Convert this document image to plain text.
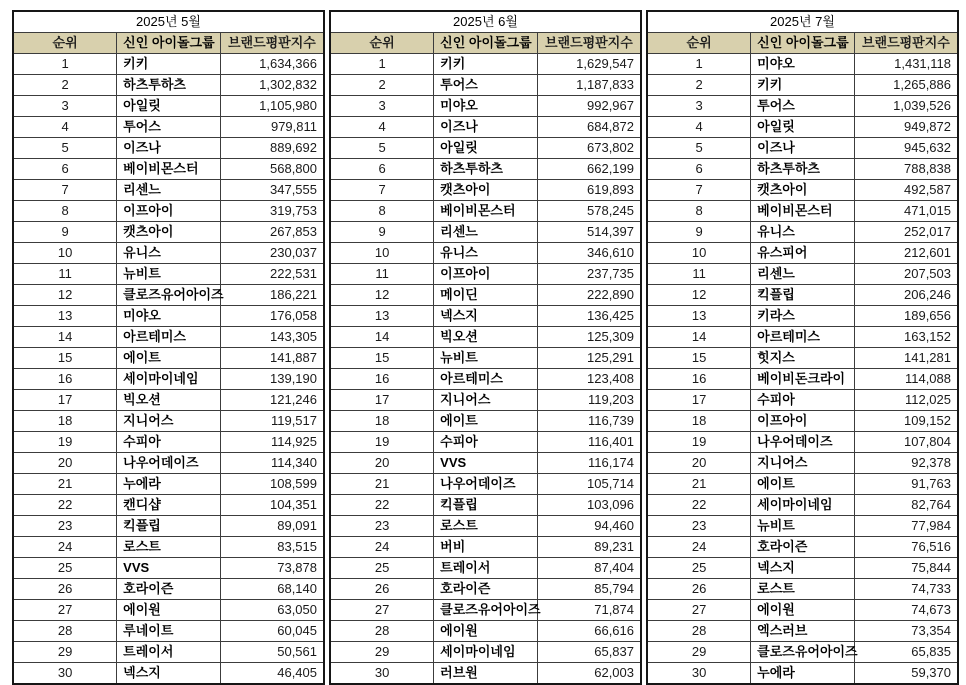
2025년 5월		
순위	신인 아이돌그룹	브랜드평판지수
1	키키	1,634,366
2	하츠투하츠	1,302,832
3	아일릿	1,105,980
4	투어스	979,811
5	이즈나	889,692
6	베이비몬스터	568,800
7	리센느	347,555
8	이프아이	319,753
9	캣츠아이	267,853
10	유니스	230,037
11	뉴비트	222,531
12	클로즈유어아이즈	186,221
13	미야오	176,058
14	아르테미스	143,305
15	에이트	141,887
16	세이마이네임	139,190
17	빅오션	121,246
18	지니어스	119,517
19	수피아	114,925
20	나우어데이즈	114,340
21	누에라	108,599
22	캔디샵	104,351
23	킥플립	89,091
24	로스트	83,515
25	VVS	73,878
26	호라이즌	68,140
27	에이원	63,050
28	루네이트	60,045
29	트레이서	50,561
30	넥스지	46,405
2025년 6월		
순위	신인 아이돌그룹	브랜드평판지수
1	키키	1,629,547
2	투어스	1,187,833
3	미야오	992,967
4	이즈나	684,872
5	아일릿	673,802
6	하츠투하츠	662,199
7	캣츠아이	619,893
8	베이비몬스터	578,245
9	리센느	514,397
10	유니스	346,610
11	이프아이	237,735
12	메이딘	222,890
13	넥스지	136,425
14	빅오션	125,309
15	뉴비트	125,291
16	아르테미스	123,408
17	지니어스	119,203
18	에이트	116,739
19	수피아	116,401
20	VVS	116,174
21	나우어데이즈	105,714
22	킥플립	103,096
23	로스트	94,460
24	버비	89,231
25	트레이서	87,404
26	호라이즌	85,794
27	클로즈유어아이즈	71,874
28	에이원	66,616
29	세이마이네임	65,837
30	러브원	62,003
2025년 7월		
순위	신인 아이돌그룹	브랜드평판지수
1	미야오	1,431,118
2	키키	1,265,886
3	투어스	1,039,526
4	아일릿	949,872
5	이즈나	945,632
6	하츠투하츠	788,838
7	캣츠아이	492,587
8	베이비몬스터	471,015
9	유니스	252,017
10	유스피어	212,601
11	리센느	207,503
12	킥플립	206,246
13	키라스	189,656
14	아르테미스	163,152
15	힛지스	141,281
16	베이비돈크라이	114,088
17	수피아	112,025
18	이프아이	109,152
19	나우어데이즈	107,804
20	지니어스	92,378
21	에이트	91,763
22	세이마이네임	82,764
23	뉴비트	77,984
24	호라이즌	76,516
25	넥스지	75,844
26	로스트	74,733
27	에이원	74,673
28	엑스러브	73,354
29	클로즈유어아이즈	65,835
30	누에라	59,370
